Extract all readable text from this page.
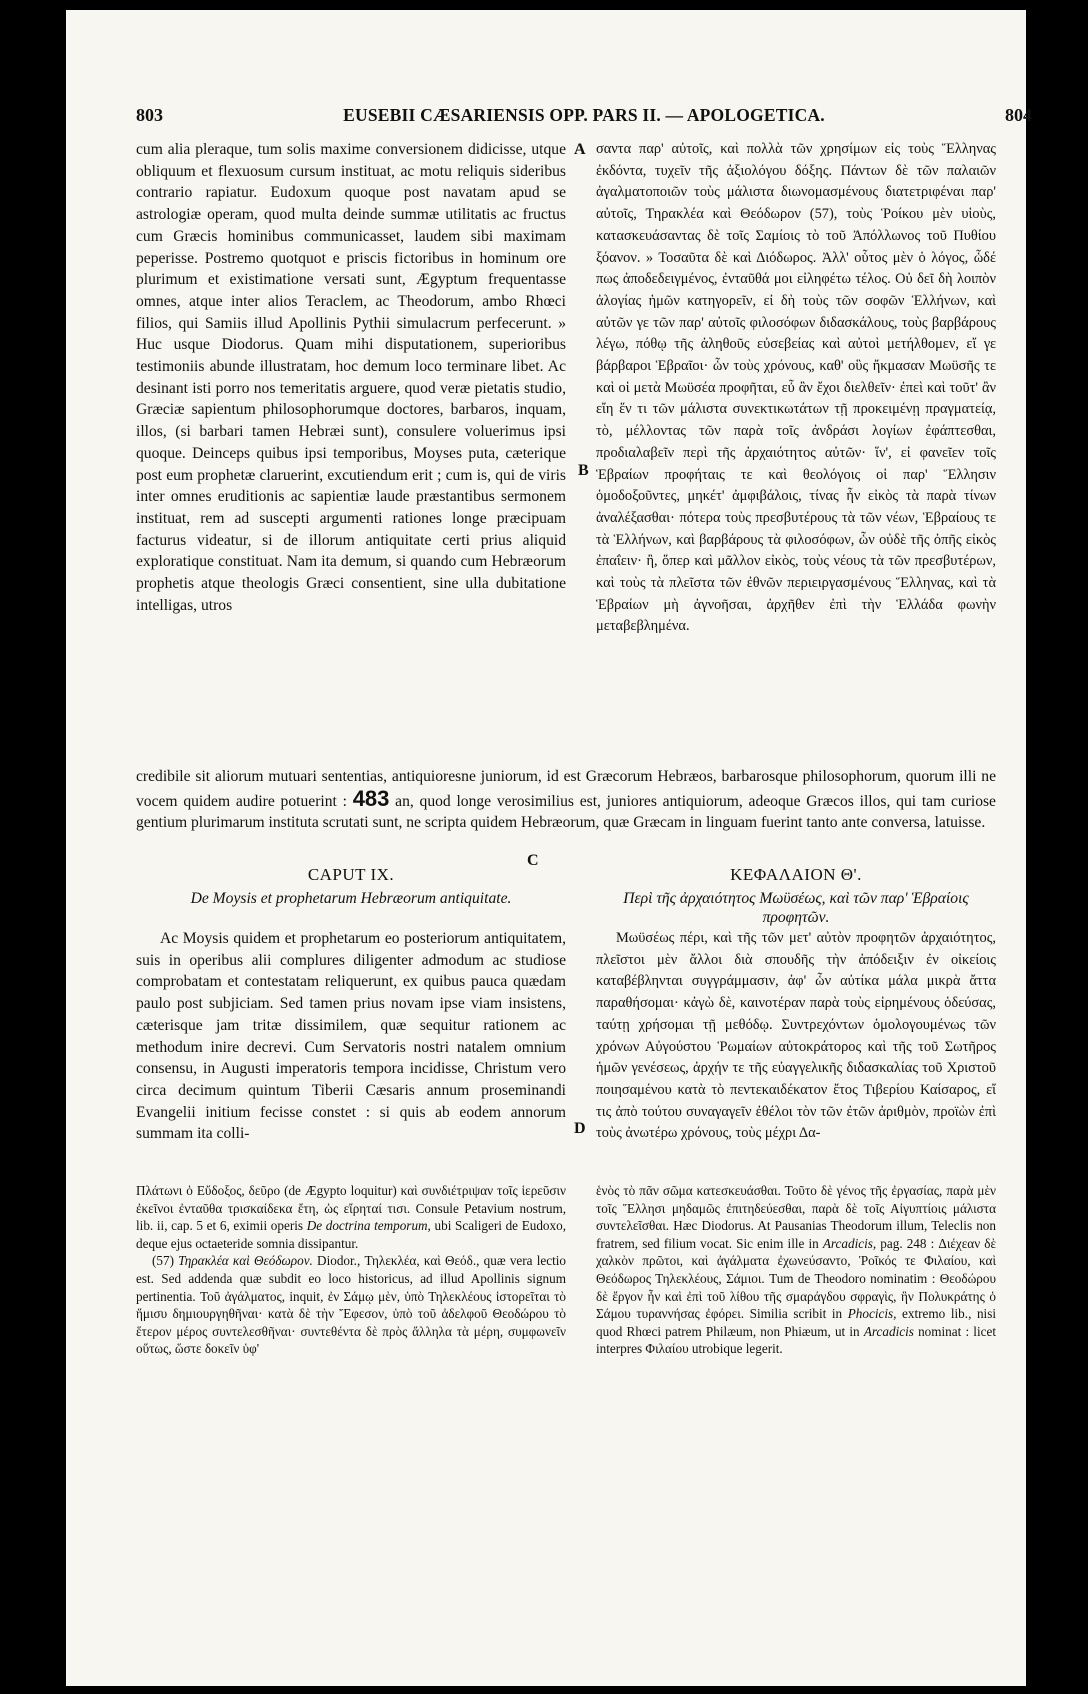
803	EUSEBII CÆSARIENSIS OPP. PARS II. — APOLOGETICA.	804

cum alia pleraque, tum solis maxime conversionem didicisse, utque obliquum et flexuosum cursum instituat, ac motu reliquis sideribus contrario rapiatur. Eudoxum quoque post navatam apud se astrologiæ operam, quod multa deinde summæ utilitatis ac fructus cum Græcis hominibus communicasset, laudem sibi maximam peperisse. Postremo quotquot e priscis fictoribus in hominum ore plurimum et existimatione versati sunt, Ægyptum frequentasse omnes, atque inter alios Teraclem, ac Theodorum, ambo Rhœci filios, qui Samiis illud Apollinis Pythii simulacrum perfecerunt. » Huc usque Diodorus. Quam mihi disputationem, superioribus testimoniis abunde illustratam, hoc demum loco terminare libet. Ac desinant isti porro nos temeritatis arguere, quod veræ pietatis studio, Græciæ sapientum philosophorumque doctores, barbaros, inquam, illos, (si barbari tamen Hebræi sunt), consulere voluerimus ipsi quoque. Deinceps quibus ipsi temporibus, Moyses puta, cæteriquе post eum prophetæ claruerint, excutiendum erit ; cum is, qui de viris inter omnes eruditionis ac sapientiæ laude præstantibus sermonem instituat, rem ad suscepti argumenti rationes longe præcipuam facturus videatur, si de illorum antiquitate certi prius aliquid exploratique constituat. Nam ita demum, si quando cum Hebræorum prophetis atque theologis Græci consentient, sine ulla dubitatione intelligas, utros

A σαντα παρ' αὐτοῖς, καὶ πολλὰ τῶν χρησίμων εἰς τοὺς Ἕλληνας ἐκδόντα, τυχεῖν τῆς ἀξιολόγου δόξης. Πάντων δὲ τῶν παλαιῶν ἀγαλματοποιῶν τοὺς μάλιστα διωνομασμένους διατετριφέναι παρ' αὐτοῖς, Τηρακλέα καὶ Θεόδωρον (57), τοὺς Ῥοίκου μὲν υἱοὺς, κατασκευάσαντας δὲ τοῖς Σαμίοις τὸ τοῦ Ἀπόλλωνος τοῦ Πυθίου ξόανον. » Τοσαῦτα δὲ καὶ Διόδωρος. Ἀλλ' οὗτος μὲν ὁ λόγος, ὧδέ πως ἀποδεδειγμένος, ἐνταῦθά μοι εἰληφέτω τέλος. Οὐ δεῖ δὴ λοιπὸν ἀλογίας ἡμῶν κατηγορεῖν, εἰ δὴ τοὺς τῶν σοφῶν Ἑλλήνων, καὶ αὐτῶν γε τῶν παρ' αὐτοῖς φιλοσόφων διδασκάλους, τοὺς βαρβάρους λέγω, πόθῳ τῆς ἀληθοῦς εὐσεβείας καὶ αὐτοὶ μετήλθομεν, εἴ γε βάρβαροι Ἑβραῖοι· ὧν τοὺς χρόνους, καθ' οὓς ἤκμασαν Μωϋσῆς τε καὶ οἱ μετὰ Μωϋσέα προφῆται, εὖ ἂν ἔχοι διελθεῖν· ἐπεὶ καὶ τοῦτ' ἂν εἴη ἕν τι τῶν μάλιστα συνεκτικωτάτων τῇ προκειμένῃ πραγματείᾳ, τὸ, μέλλοντας τῶν παρὰ τοῖς ἀνδράσι λογίων ἐφάπτεσθαι, προδιαλαβεῖν περὶ τῆς ἀρχαιότητος αὐτῶν· ἵν', εἰ φανεῖεν τοῖς Ἑβραίων προφήταις τε καὶ θεολόγοις οἱ παρ' Ἕλλησιν ὁμοδοξοῦντες, μηκέτ' ἀμφιβάλοις, τίνας ἦν εἰκὸς τὰ παρὰ τίνων ἀναλέξασθαι· πότερα τοὺς πρεσβυτέρους τὰ τῶν νέων, Ἑβραίους τε τὰ Ἑλλήνων, καὶ βαρβάρους τὰ φιλοσόφων, ὧν οὐδὲ τῆς ὀπῆς εἰκὸς ἐπαΐειν· ἢ, ὅπερ καὶ μᾶλλον εἰκὸς, τοὺς νέους τὰ τῶν πρεσβυτέρων, καὶ τοὺς τὰ πλεῖστα τῶν ἐθνῶν περιειργασμένους Ἕλληνας, καὶ τὰ Ἑβραίων μὴ ἀγνοῆσαι, ἀρχῆθεν ἐπὶ τὴν Ἑλλάδα φωνὴν μεταβεβλημένα.

B
credibile sit aliorum mutuari sententias, antiquioresne juniorum, id est Græcorum Hebræos, barbarosque philosophorum, quorum illi ne vocem quidem audire potuerint : 483 an, quod longe verosimilius est, juniores antiquiorum, adeoque Græcos illos, qui tam curiose gentium plurimarum instituta scrutati sunt, ne scripta quidem Hebræorum, quæ Græcam in linguam fuerint tanto ante conversa, latuisse.
C
CAPUT IX.
De Moysis et prophetarum Hebræorum antiquitate.
ΚΕΦΑΛΑΙΟΝ Θ'.
Περὶ τῆς ἀρχαιότητος Μωϋσέως, καὶ τῶν παρ' Ἑβραίοις προφητῶν.

Ac Moysis quidem et prophetarum eo posteriorum antiquitatem, suis in operibus alii complures diligenter admodum ac studiose comprobatam et contestatam reliquerunt, ex quibus pauca quædam paulo post subjiciam. Sed tamen prius novam ipse viam insistens, cæterisque jam tritæ dissimilem, quæ sequitur rationem ac methodum inire decrevi. Cum Servatoris nostri natalem omnium consensu, in Augusti imperatoris tempora incidisse, Christum vero circa decimum quintum Tiberii Cæsaris annum proseminandi Evangelii initium fecisse constet : si quis ab eodem annorum summam ita colli-

Μωϋσέως πέρι, καὶ τῆς τῶν μετ' αὐτὸν προφητῶν ἀρχαιότητος, πλεῖστοι μὲν ἄλλοι διὰ σπουδῆς τὴν ἀπόδειξιν ἐν οἰκείοις καταβέβληνται συγγράμμασιν, ἀφ' ὧν αὐτίκα μάλα μικρὰ ἄττα παραθήσομαι· κἀγὼ δὲ, καινοτέραν παρὰ τοὺς εἰρημένους ὁδεύσας, ταύτῃ χρήσομαι τῇ μεθόδῳ. Συντρεχόντων ὁμολογουμένως τῶν χρόνων Αὐγούστου Ῥωμαίων αὐτοκράτορος καὶ τῆς τοῦ Σωτῆρος ἡμῶν γενέσεως, ἀρχήν τε τῆς εὐαγγελικῆς διδασκαλίας τοῦ Χριστοῦ ποιησαμένου κατὰ τὸ πεντεκαιδέκατον ἔτος Τιβερίου Καίσαρος, εἴ τις ἀπὸ τούτου συναγαγεῖν ἐθέλοι τὸν τῶν ἐτῶν ἀριθμὸν, προϊὼν ἐπὶ τοὺς ἀνωτέρω χρόνους, τοὺς μέχρι Δα-

D

Πλάτωνι ὁ Εὔδοξος, δεῦρο (de Ægypto loquitur) καὶ συνδιέτριψαν τοῖς ἱερεῦσιν ἐκεῖνοι ἐνταῦθα τρισκαίδεκα ἔτη, ὡς εἴρηταί τισι. Consule Petavium nostrum, lib. ii, cap. 5 et 6, eximii operis De doctrina temporum, ubi Scaligeri de Eudoxo, deque ejus octaeteride somnia dissipantur.

(57) Τηρακλέα καὶ Θεόδωρον. Diodor., Τηλεκλέα, καὶ Θεόδ., quæ vera lectio est. Sed addenda quæ subdit eo loco historicus, ad illud Apollinis signum pertinentia. Τοῦ ἀγάλματος, inquit, ἐν Σάμῳ μὲν, ὑπὸ Τηλεκλέους ἱστορεῖται τὸ ἥμισυ δημιουργηθῆναι· κατὰ δὲ τὴν Ἔφεσον, ὑπὸ τοῦ ἀδελφοῦ Θεοδώρου τὸ ἕτερον μέρος συντελεσθῆναι· συντεθέντα δὲ πρὸς ἄλληλα τὰ μέρη, συμφωνεῖν οὕτως, ὥστε δοκεῖν ὑφ'

ἑνὸς τὸ πᾶν σῶμα κατεσκευάσθαι. Τοῦτο δὲ γένος τῆς ἐργασίας, παρὰ μὲν τοῖς Ἕλλησι μηδαμῶς ἐπιτηδεύεσθαι, παρὰ δὲ τοῖς Αἰγυπτίοις μάλιστα συντελεῖσθαι. Hæc Diodorus. At Pausanias Theodorum illum, Teleclis non fratrem, sed filium vocat. Sic enim ille in Arcadicis, pag. 248 : Διέχεαν δὲ χαλκὸν πρῶτοι, καὶ ἀγάλματα ἐχωνεύσαντο, Ῥοῖκός τε Φιλαίου, καὶ Θεόδωρος Τηλεκλέους, Σάμιοι. Tum de Theodoro nominatim : Θεοδώρου δὲ ἔργον ἦν καὶ ἐπὶ τοῦ λίθου τῆς σμαράγδου σφραγὶς, ἣν Πολυκράτης ὁ Σάμου τυραννήσας ἐφόρει. Similia scribit in Phocicis, extremo lib., nisi quod Rhœci patrem Philæum, non Phiæum, ut in Arcadicis nominat : licet interpres Φιλαίου utrobique legerit.
